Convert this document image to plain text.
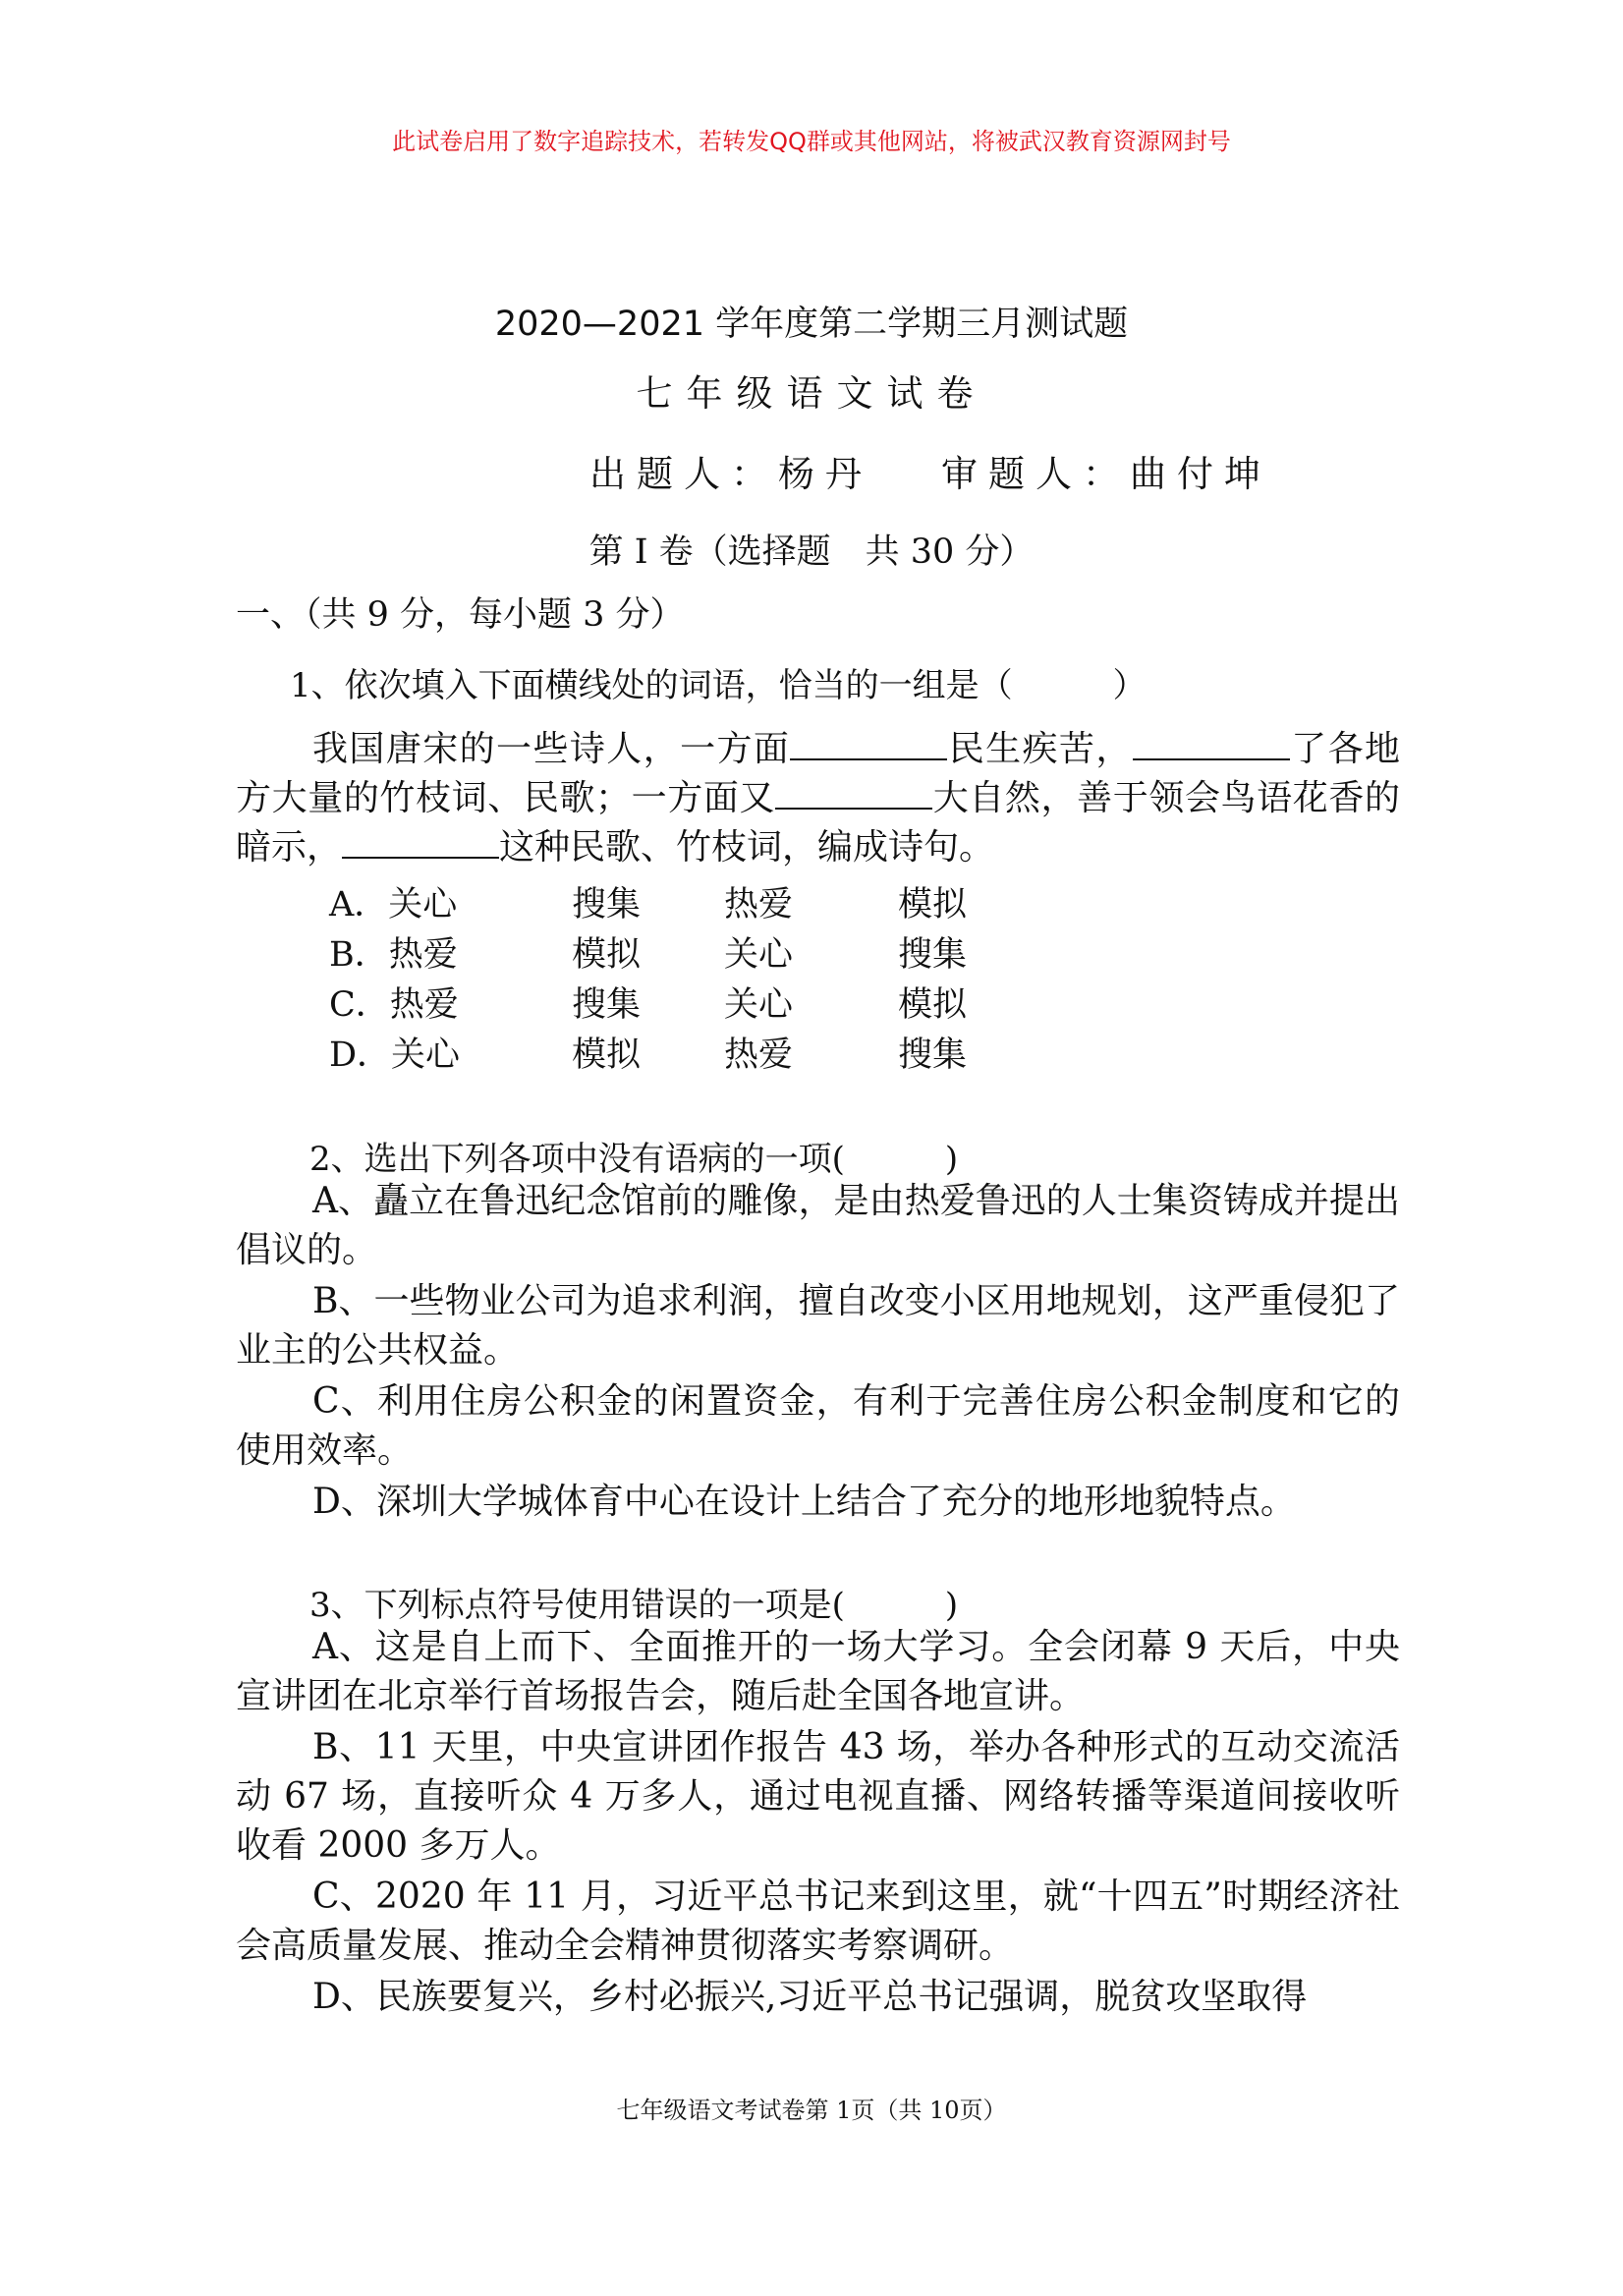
此试卷启用了数字追踪技术，若转发QQ群或其他网站，将被武汉教育资源网封号
2020—2021 学年度第二学期三月测试题
七年级语文试卷
出题人：杨丹 审题人：曲付坤
第 I 卷（选择题　共 30 分）
一、（共 9 分，每小题 3 分）
1、依次填入下面横线处的词语，恰当的一组是（　　　）
我国唐宋的一些诗人，一方面	民生疾苦，	了各地方大量的竹枝词、民歌；一方面又	大自然，善于领会鸟语花香的暗示，	这种民歌、竹枝词，编成诗句。
A．关心	搜集	热爱	模拟
B．热爱	模拟	关心	搜集
C．热爱	搜集	关心	模拟
D．关心	模拟	热爱	搜集
2、选出下列各项中没有语病的一项(　　　)
A、矗立在鲁迅纪念馆前的雕像，是由热爱鲁迅的人士集资铸成并提出倡议的。
B、一些物业公司为追求利润，擅自改变小区用地规划，这严重侵犯了业主的公共权益。
C、利用住房公积金的闲置资金，有利于完善住房公积金制度和它的使用效率。
D、深圳大学城体育中心在设计上结合了充分的地形地貌特点。
3、下列标点符号使用错误的一项是(　　　)
A、这是自上而下、全面推开的一场大学习。全会闭幕 9 天后，中央宣讲团在北京举行首场报告会，随后赴全国各地宣讲。
B、11 天里，中央宣讲团作报告 43 场，举办各种形式的互动交流活动 67 场，直接听众 4 万多人，通过电视直播、网络转播等渠道间接收听收看 2000 多万人。
C、2020 年 11 月，习近平总书记来到这里，就“十四五”时期经济社会高质量发展、推动全会精神贯彻落实考察调研。
D、民族要复兴，乡村必振兴,习近平总书记强调，脱贫攻坚取得
七年级语文考试卷第 1页（共 10页）
